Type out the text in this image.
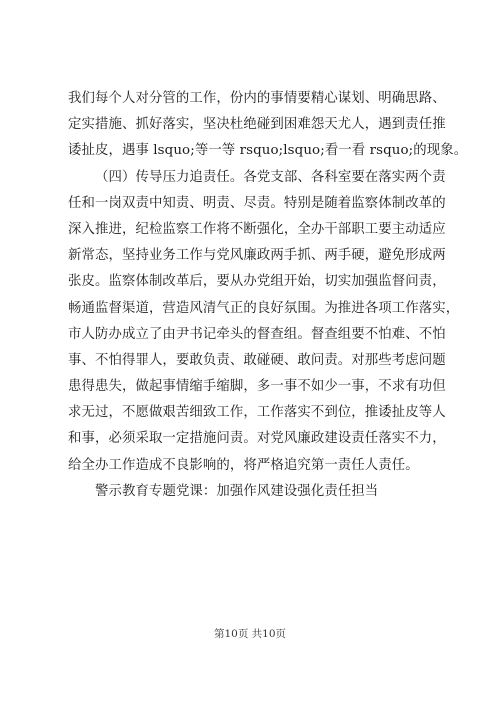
我们每个人对分管的工作，份内的事情要精心谋划、明确思路、
定实措施、抓好落实，坚决杜绝碰到困难怨天尤人，遇到责任推
诿扯皮，遇事 lsquo;等一等 rsquo;lsquo;看一看 rsquo;的现象。
（四）传导压力追责任。各党支部、各科室要在落实两个责
任和一岗双责中知责、明责、尽责。特别是随着监察体制改革的
深入推进，纪检监察工作将不断强化，全办干部职工要主动适应
新常态，坚持业务工作与党风廉政两手抓、两手硬，避免形成两
张皮。监察体制改革后，要从办党组开始，切实加强监督问责，
畅通监督渠道，营造风清气正的良好氛围。为推进各项工作落实，
市人防办成立了由尹书记牵头的督查组。督查组要不怕难、不怕
事、不怕得罪人，要敢负责、敢碰硬、敢问责。对那些考虑问题
患得患失，做起事情缩手缩脚，多一事不如少一事，不求有功但
求无过，不愿做艰苦细致工作，工作落实不到位，推诿扯皮等人
和事，必须采取一定措施问责。对党风廉政建设责任落实不力，
给全办工作造成不良影响的，将严格追究第一责任人责任。
警示教育专题党课：加强作风建设强化责任担当
第10页 共10页
